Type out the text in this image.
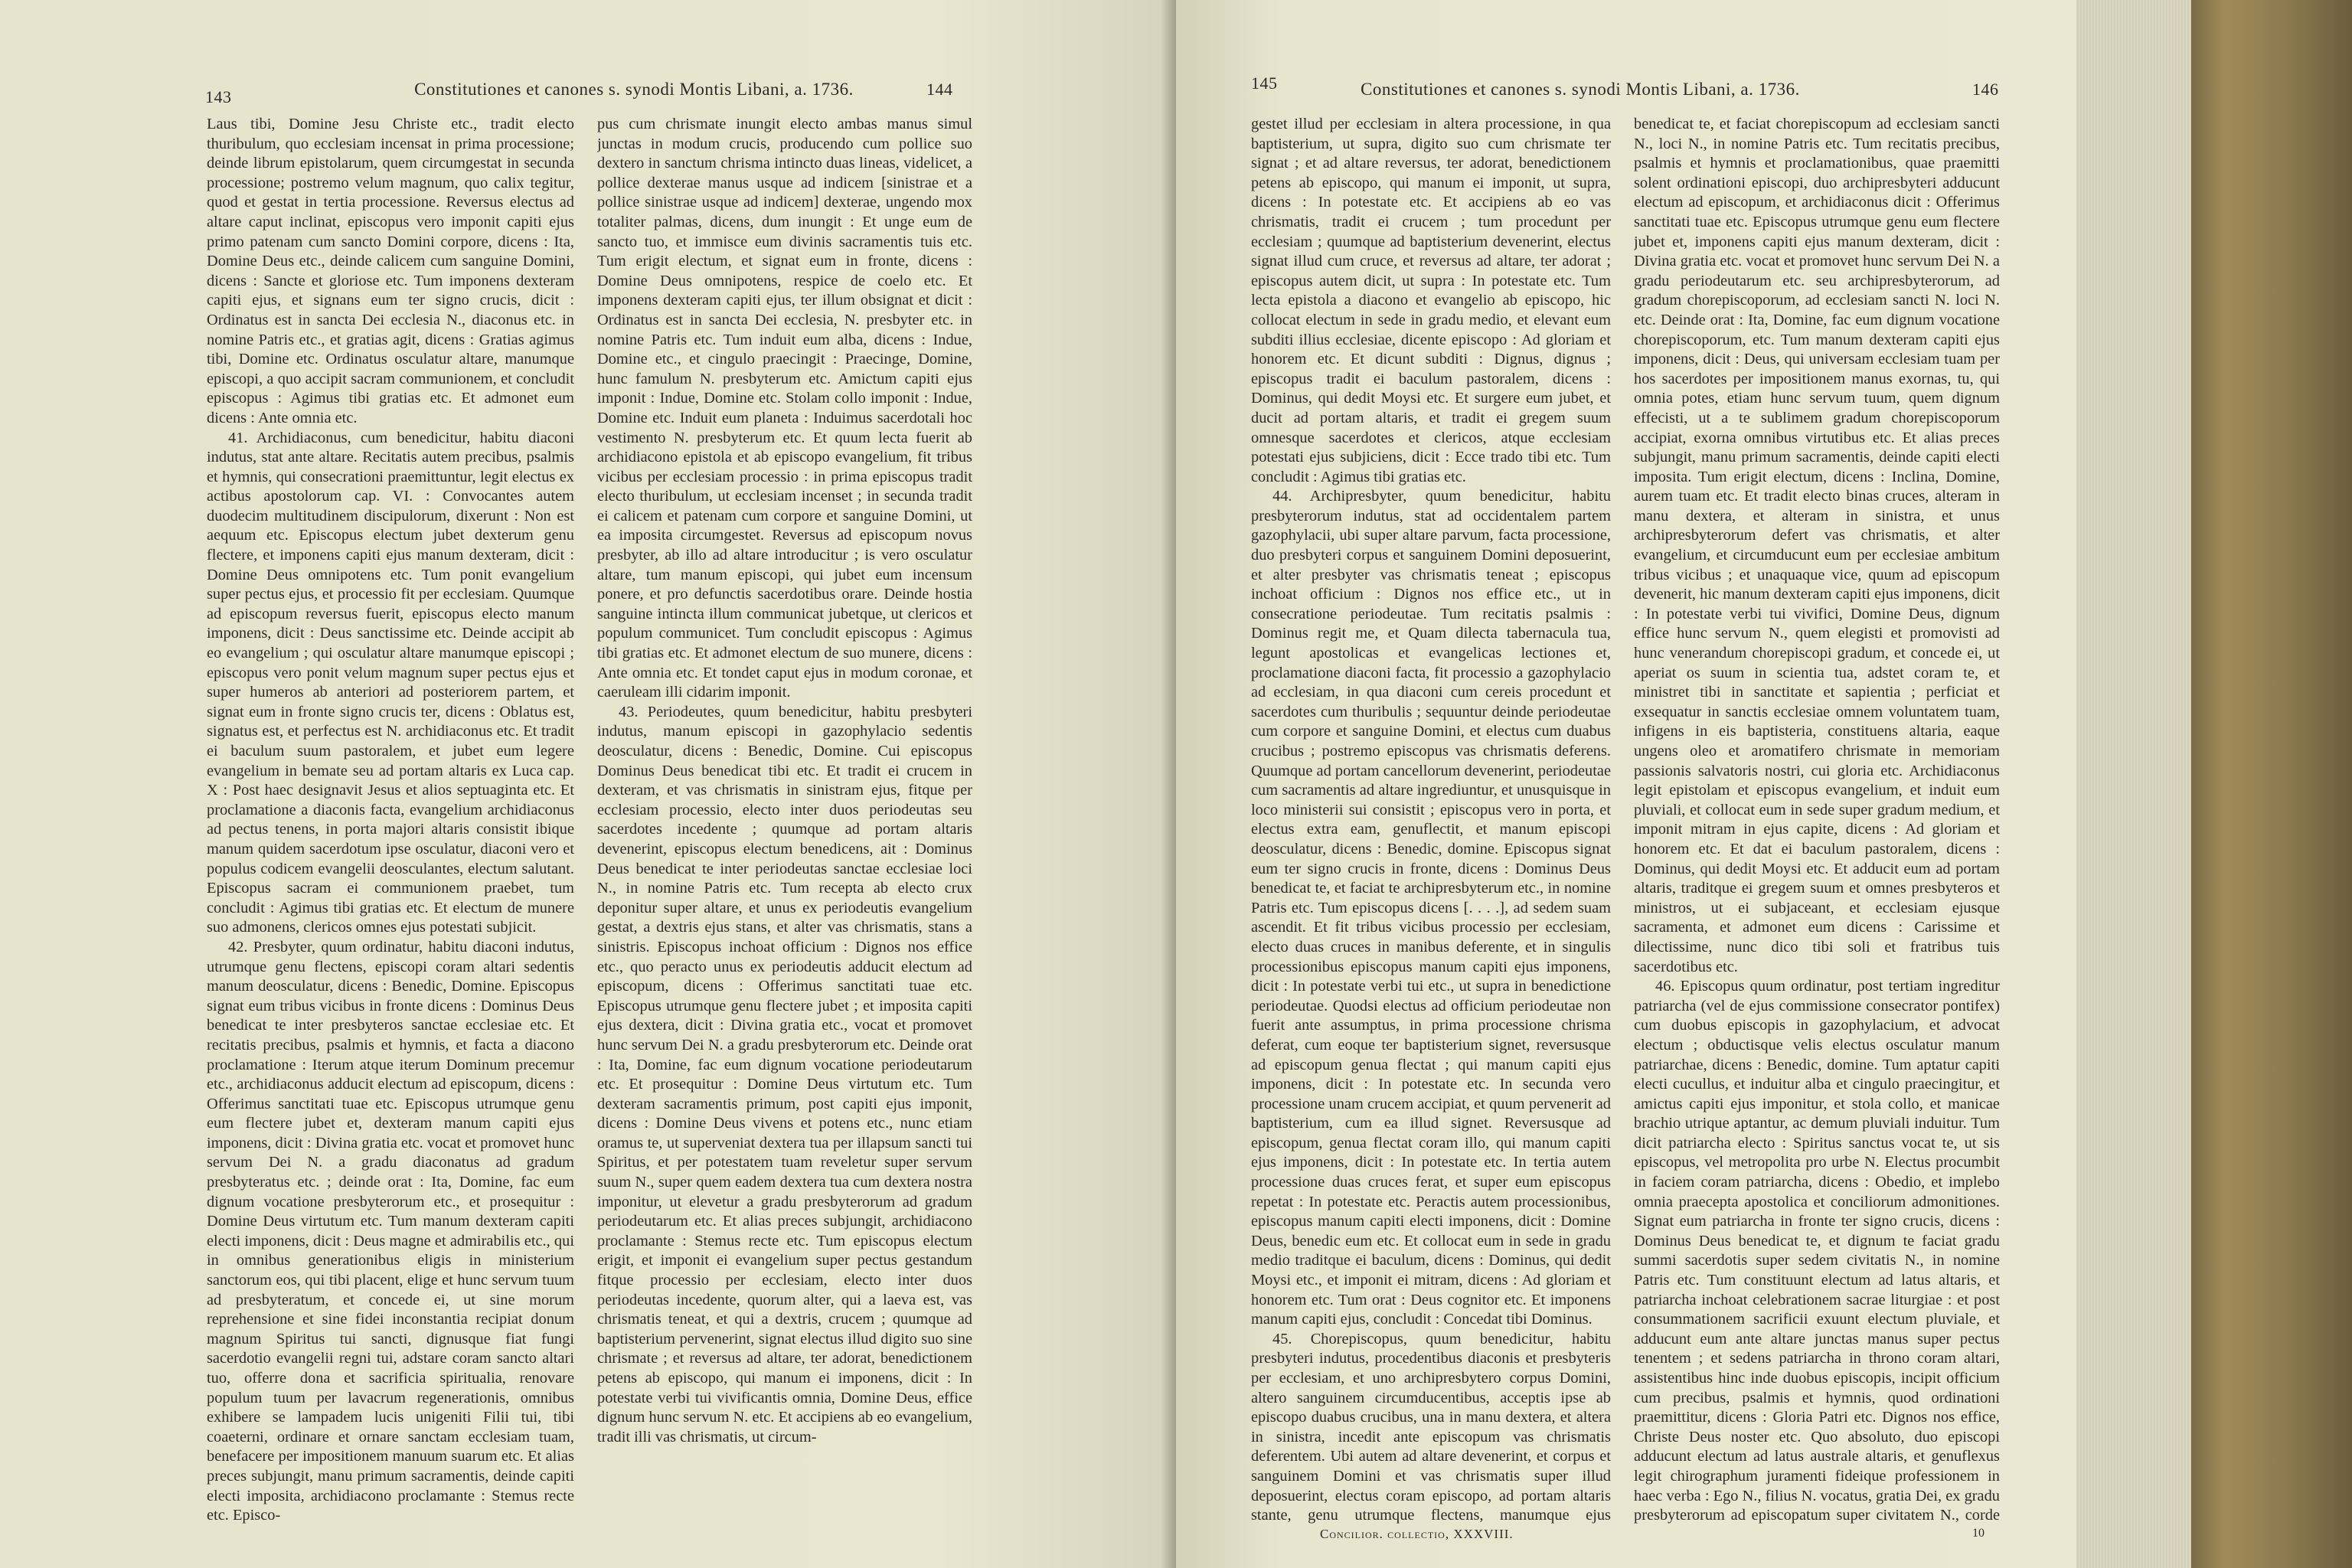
143	Constitutiones et canones s. synodi Montis Libani, a. 1736.	144

Laus tibi, Domine Jesu Christe etc., tradit electo thuribulum, quo ecclesiam incensat in prima processione; deinde librum epistolarum, quem circumgestat in secunda processione; postremo velum magnum, quo calix tegitur, quod et gestat in tertia processione. Reversus electus ad altare caput inclinat, episcopus vero imponit capiti ejus primo patenam cum sancto Domini corpore, dicens : Ita, Domine Deus etc., deinde calicem cum sanguine Domini, dicens : Sancte et gloriose etc. Tum imponens dexteram capiti ejus, et signans eum ter signo crucis, dicit : Ordinatus est in sancta Dei ecclesia N., diaconus etc. in nomine Patris etc., et gratias agit, dicens : Gratias agimus tibi, Domine etc. Ordinatus osculatur altare, manumque episcopi, a quo accipit sacram communionem, et concludit episcopus : Agimus tibi gratias etc. Et admonet eum dicens : Ante omnia etc.

41. Archidiaconus, cum benedicitur, habitu diaconi indutus, stat ante altare. Recitatis autem precibus, psalmis et hymnis, qui consecrationi praemittuntur, legit electus ex actibus apostolorum cap. VI. : Convocantes autem duodecim multitudinem discipulorum, dixerunt : Non est aequum etc. Episcopus electum jubet dexterum genu flectere, et imponens capiti ejus manum dexteram, dicit : Domine Deus omnipotens etc. Tum ponit evangelium super pectus ejus, et processio fit per ecclesiam. Quumque ad episcopum reversus fuerit, episcopus electo manum imponens, dicit : Deus sanctissime etc. Deinde accipit ab eo evangelium ; qui osculatur altare manumque episcopi ; episcopus vero ponit velum magnum super pectus ejus et super humeros ab anteriori ad posteriorem partem, et signat eum in fronte signo crucis ter, dicens : Oblatus est, signatus est, et perfectus est N. archidiaconus etc. Et tradit ei baculum suum pastoralem, et jubet eum legere evangelium in bemate seu ad portam altaris ex Luca cap. X : Post haec designavit Jesus et alios septuaginta etc. Et proclamatione a diaconis facta, evangelium archidiaconus ad pectus tenens, in porta majori altaris consistit ibique manum quidem sacerdotum ipse osculatur, diaconi vero et populus codicem evangelii deosculantes, electum salutant. Episcopus sacram ei communionem praebet, tum concludit : Agimus tibi gratias etc. Et electum de munere suo admonens, clericos omnes ejus potestati subjicit.

42. Presbyter, quum ordinatur, habitu diaconi indutus, utrumque genu flectens, episcopi coram altari sedentis manum deosculatur, dicens : Benedic, Domine. Episcopus signat eum tribus vicibus in fronte dicens : Dominus Deus benedicat te inter presbyteros sanctae ecclesiae etc. Et recitatis precibus, psalmis et hymnis, et facta a diacono proclamatione : Iterum atque iterum Dominum precemur etc., archidiaconus adducit electum ad episcopum, dicens : Offerimus sanctitati tuae etc. Episcopus utrumque genu eum flectere jubet et, dexteram manum capiti ejus imponens, dicit : Divina gratia etc. vocat et promovet hunc servum Dei N. a gradu diaconatus ad gradum presbyteratus etc. ; deinde orat : Ita, Domine, fac eum dignum vocatione presbyterorum etc., et prosequitur : Domine Deus virtutum etc. Tum manum dexteram capiti electi imponens, dicit : Deus magne et admirabilis etc., qui in omnibus generationibus eligis in ministerium sanctorum eos, qui tibi placent, elige et hunc servum tuum ad presbyteratum, et concede ei, ut sine morum reprehensione et sine fidei inconstantia recipiat donum magnum Spiritus tui sancti, dignusque fiat fungi sacerdotio evangelii regni tui, adstare coram sancto altari tuo, offerre dona et sacrificia spiritualia, renovare populum tuum per lavacrum regenerationis, omnibus exhibere se lampadem lucis unigeniti Filii tui, tibi coaeterni, ordinare et ornare sanctam ecclesiam tuam, benefacere per impositionem manuum suarum etc. Et alias preces subjungit, manu primum sacramentis, deinde capiti electi imposita, archidiacono proclamante : Stemus recte etc. Episco-

pus cum chrismate inungit electo ambas manus simul junctas in modum crucis, producendo cum pollice suo dextero in sanctum chrisma intincto duas lineas, videlicet, a pollice dexterae manus usque ad indicem [sinistrae et a pollice sinistrae usque ad indicem] dexterae, ungendo mox totaliter palmas, dicens, dum inungit : Et unge eum de sancto tuo, et immisce eum divinis sacramentis tuis etc. Tum erigit electum, et signat eum in fronte, dicens : Domine Deus omnipotens, respice de coelo etc. Et imponens dexteram capiti ejus, ter illum obsignat et dicit : Ordinatus est in sancta Dei ecclesia, N. presbyter etc. in nomine Patris etc. Tum induit eum alba, dicens : Indue, Domine etc., et cingulo praecingit : Praecinge, Domine, hunc famulum N. presbyterum etc. Amictum capiti ejus imponit : Indue, Domine etc. Stolam collo imponit : Indue, Domine etc. Induit eum planeta : Induimus sacerdotali hoc vestimento N. presbyterum etc. Et quum lecta fuerit ab archidiacono epistola et ab episcopo evangelium, fit tribus vicibus per ecclesiam processio : in prima episcopus tradit electo thuribulum, ut ecclesiam incenset ; in secunda tradit ei calicem et patenam cum corpore et sanguine Domini, ut ea imposita circumgestet. Reversus ad episcopum novus presbyter, ab illo ad altare introducitur ; is vero osculatur altare, tum manum episcopi, qui jubet eum incensum ponere, et pro defunctis sacerdotibus orare. Deinde hostia sanguine intincta illum communicat jubetque, ut clericos et populum communicet. Tum concludit episcopus : Agimus tibi gratias etc. Et admonet electum de suo munere, dicens : Ante omnia etc. Et tondet caput ejus in modum coronae, et caeruleam illi cidarim imponit.

43. Periodeutes, quum benedicitur, habitu presbyteri indutus, manum episcopi in gazophylacio sedentis deosculatur, dicens : Benedic, Domine. Cui episcopus Dominus Deus benedicat tibi etc. Et tradit ei crucem in dexteram, et vas chrismatis in sinistram ejus, fitque per ecclesiam processio, electo inter duos periodeutas seu sacerdotes incedente ; quumque ad portam altaris devenerint, episcopus electum benedicens, ait : Dominus Deus benedicat te inter periodeutas sanctae ecclesiae loci N., in nomine Patris etc. Tum recepta ab electo crux deponitur super altare, et unus ex periodeutis evangelium gestat, a dextris ejus stans, et alter vas chrismatis, stans a sinistris. Episcopus inchoat officium : Dignos nos effice etc., quo peracto unus ex periodeutis adducit electum ad episcopum, dicens : Offerimus sanctitati tuae etc. Episcopus utrumque genu flectere jubet ; et imposita capiti ejus dextera, dicit : Divina gratia etc., vocat et promovet hunc servum Dei N. a gradu presbyterorum etc. Deinde orat : Ita, Domine, fac eum dignum vocatione periodeutarum etc. Et prosequitur : Domine Deus virtutum etc. Tum dexteram sacramentis primum, post capiti ejus imponit, dicens : Domine Deus vivens et potens etc., nunc etiam oramus te, ut superveniat dextera tua per illapsum sancti tui Spiritus, et per potestatem tuam reveletur super servum suum N., super quem eadem dextera tua cum dextera nostra imponitur, ut elevetur a gradu presbyterorum ad gradum periodeutarum etc. Et alias preces subjungit, archidiacono proclamante : Stemus recte etc. Tum episcopus electum erigit, et imponit ei evangelium super pectus gestandum fitque processio per ecclesiam, electo inter duos periodeutas incedente, quorum alter, qui a laeva est, vas chrismatis teneat, et qui a dextris, crucem ; quumque ad baptisterium pervenerint, signat electus illud digito suo sine chrismate ; et reversus ad altare, ter adorat, benedictionem petens ab episcopo, qui manum ei imponens, dicit : In potestate verbi tui vivificantis omnia, Domine Deus, effice dignum hunc servum N. etc. Et accipiens ab eo evangelium, tradit illi vas chrismatis, ut circum-

145	Constitutiones et canones s. synodi Montis Libani, a. 1736.	146

gestet illud per ecclesiam in altera processione, in qua baptisterium, ut supra, digito suo cum chrismate ter signat ; et ad altare reversus, ter adorat, benedictionem petens ab episcopo, qui manum ei imponit, ut supra, dicens : In potestate etc. Et accipiens ab eo vas chrismatis, tradit ei crucem ; tum procedunt per ecclesiam ; quumque ad baptisterium devenerint, electus signat illud cum cruce, et reversus ad altare, ter adorat ; episcopus autem dicit, ut supra : In potestate etc. Tum lecta epistola a diacono et evangelio ab episcopo, hic collocat electum in sede in gradu medio, et elevant eum subditi illius ecclesiae, dicente episcopo : Ad gloriam et honorem etc. Et dicunt subditi : Dignus, dignus ; episcopus tradit ei baculum pastoralem, dicens : Dominus, qui dedit Moysi etc. Et surgere eum jubet, et ducit ad portam altaris, et tradit ei gregem suum omnesque sacerdotes et clericos, atque ecclesiam potestati ejus subjiciens, dicit : Ecce trado tibi etc. Tum concludit : Agimus tibi gratias etc.

44. Archipresbyter, quum benedicitur, habitu presbyterorum indutus, stat ad occidentalem partem gazophylacii, ubi super altare parvum, facta processione, duo presbyteri corpus et sanguinem Domini deposuerint, et alter presbyter vas chrismatis teneat ; episcopus inchoat officium : Dignos nos effice etc., ut in consecratione periodeutae. Tum recitatis psalmis : Dominus regit me, et Quam dilecta tabernacula tua, legunt apostolicas et evangelicas lectiones et, proclamatione diaconi facta, fit processio a gazophylacio ad ecclesiam, in qua diaconi cum cereis procedunt et sacerdotes cum thuribulis ; sequuntur deinde periodeutae cum corpore et sanguine Domini, et electus cum duabus crucibus ; postremo episcopus vas chrismatis deferens. Quumque ad portam cancellorum devenerint, periodeutae cum sacramentis ad altare ingrediuntur, et unusquisque in loco ministerii sui consistit ; episcopus vero in porta, et electus extra eam, genuflectit, et manum episcopi deosculatur, dicens : Benedic, domine. Episcopus signat eum ter signo crucis in fronte, dicens : Dominus Deus benedicat te, et faciat te archipresbyterum etc., in nomine Patris etc. Tum episcopus dicens [. . . .], ad sedem suam ascendit. Et fit tribus vicibus processio per ecclesiam, electo duas cruces in manibus deferente, et in singulis processionibus episcopus manum capiti ejus imponens, dicit : In potestate verbi tui etc., ut supra in benedictione periodeutae. Quodsi electus ad officium periodeutae non fuerit ante assumptus, in prima processione chrisma deferat, cum eoque ter baptisterium signet, reversusque ad episcopum genua flectat ; qui manum capiti ejus imponens, dicit : In potestate etc. In secunda vero processione unam crucem accipiat, et quum pervenerit ad baptisterium, cum ea illud signet. Reversusque ad episcopum, genua flectat coram illo, qui manum capiti ejus imponens, dicit : In potestate etc. In tertia autem processione duas cruces ferat, et super eum episcopus repetat : In potestate etc. Peractis autem processionibus, episcopus manum capiti electi imponens, dicit : Domine Deus, benedic eum etc. Et collocat eum in sede in gradu medio traditque ei baculum, dicens : Dominus, qui dedit Moysi etc., et imponit ei mitram, dicens : Ad gloriam et honorem etc. Tum orat : Deus cognitor etc. Et imponens manum capiti ejus, concludit : Concedat tibi Dominus.

45. Chorepiscopus, quum benedicitur, habitu presbyteri indutus, procedentibus diaconis et presbyteris per ecclesiam, et uno archipresbytero corpus Domini, altero sanguinem circumducentibus, acceptis ipse ab episcopo duabus crucibus, una in manu dextera, et altera in sinistra, incedit ante episcopum vas chrismatis deferentem. Ubi autem ad altare devenerint, et corpus et sanguinem Domini et vas chrismatis super illud deposuerint, electus coram episcopo, ad portam altaris stante, genu utrumque flectens, manumque ejus

benedicat te, et faciat chorepiscopum ad ecclesiam sancti N., loci N., in nomine Patris etc. Tum recitatis precibus, psalmis et hymnis et proclamationibus, quae praemitti solent ordinationi episcopi, duo archipresbyteri adducunt electum ad episcopum, et archidiaconus dicit : Offerimus sanctitati tuae etc. Episcopus utrumque genu eum flectere jubet et, imponens capiti ejus manum dexteram, dicit : Divina gratia etc. vocat et promovet hunc servum Dei N. a gradu periodeutarum etc. seu archipresbyterorum, ad gradum chorepiscoporum, ad ecclesiam sancti N. loci N. etc. Deinde orat : Ita, Domine, fac eum dignum vocatione chorepiscoporum, etc. Tum manum dexteram capiti ejus imponens, dicit : Deus, qui universam ecclesiam tuam per hos sacerdotes per impositionem manus exornas, tu, qui omnia potes, etiam hunc servum tuum, quem dignum effecisti, ut a te sublimem gradum chorepiscoporum accipiat, exorna omnibus virtutibus etc. Et alias preces subjungit, manu primum sacramentis, deinde capiti electi imposita. Tum erigit electum, dicens : Inclina, Domine, aurem tuam etc. Et tradit electo binas cruces, alteram in manu dextera, et alteram in sinistra, et unus archipresbyterorum defert vas chrismatis, et alter evangelium, et circumducunt eum per ecclesiae ambitum tribus vicibus ; et unaquaque vice, quum ad episcopum devenerit, hic manum dexteram capiti ejus imponens, dicit : In potestate verbi tui vivifici, Domine Deus, dignum effice hunc servum N., quem elegisti et promovisti ad hunc venerandum chorepiscopi gradum, et concede ei, ut aperiat os suum in scientia tua, adstet coram te, et ministret tibi in sanctitate et sapientia ; perficiat et exsequatur in sanctis ecclesiae omnem voluntatem tuam, infigens in eis baptisteria, constituens altaria, eaque ungens oleo et aromatifero chrismate in memoriam passionis salvatoris nostri, cui gloria etc. Archidiaconus legit epistolam et episcopus evangelium, et induit eum pluviali, et collocat eum in sede super gradum medium, et imponit mitram in ejus capite, dicens : Ad gloriam et honorem etc. Et dat ei baculum pastoralem, dicens : Dominus, qui dedit Moysi etc. Et adducit eum ad portam altaris, traditque ei gregem suum et omnes presbyteros et ministros, ut ei subjaceant, et ecclesiam ejusque sacramenta, et admonet eum dicens : Carissime et dilectissime, nunc dico tibi soli et fratribus tuis sacerdotibus etc.

46. Episcopus quum ordinatur, post tertiam ingreditur patriarcha (vel de ejus commissione consecrator pontifex) cum duobus episcopis in gazophylacium, et advocat electum ; obductisque velis electus osculatur manum patriarchae, dicens : Benedic, domine. Tum aptatur capiti electi cucullus, et induitur alba et cingulo praecingitur, et amictus capiti ejus imponitur, et stola collo, et manicae brachio utrique aptantur, ac demum pluviali induitur. Tum dicit patriarcha electo : Spiritus sanctus vocat te, ut sis episcopus, vel metropolita pro urbe N. Electus procumbit in faciem coram patriarcha, dicens : Obedio, et implebo omnia praecepta apostolica et conciliorum admonitiones. Signat eum patriarcha in fronte ter signo crucis, dicens : Dominus Deus benedicat te, et dignum te faciat gradu summi sacerdotis super sedem civitatis N., in nomine Patris etc. Tum constituunt electum ad latus altaris, et patriarcha inchoat celebrationem sacrae liturgiae : et post consummationem sacrificii exuunt electum pluviale, et adducunt eum ante altare junctas manus super pectus tenentem ; et sedens patriarcha in throno coram altari, assistentibus hinc inde duobus episcopis, incipit officium cum precibus, psalmis et hymnis, quod ordinationi praemittitur, dicens : Gloria Patri etc. Dignos nos effice, Christe Deus noster etc. Quo absoluto, duo episcopi adducunt electum ad latus australe altaris, et genuflexus legit chirographum juramenti fideique professionem in haec verba : Ego N., filius N. vocatus, gratia Dei, ex gradu presbyterorum ad episcopatum super civitatem N., corde

Concilior. collectio, XXXVIII.	10
